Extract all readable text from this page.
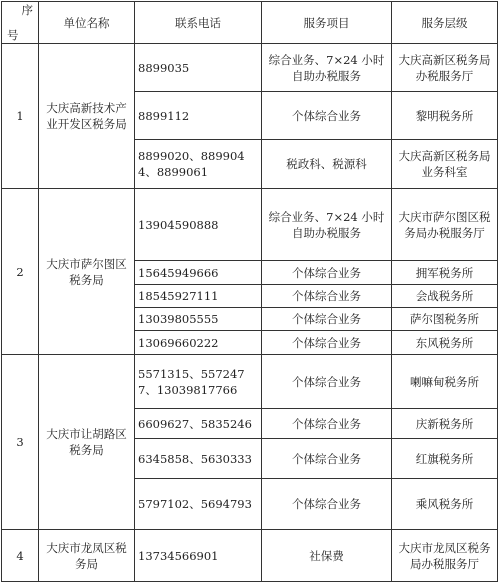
序
号	单位名称	联系电话	服务项目	服务层级
1	大庆高新技术产业开发区税务局	8899035	综合业务、7×24 小时自助办税服务	大庆高新区税务局办税服务厅
		8899112	个体综合业务	黎明税务所
		8899020、8899044、8899061	税政科、税源科	大庆高新区税务局业务科室
2	大庆市萨尔图区税务局	13904590888	综合业务、7×24 小时自助办税服务	大庆市萨尔图区税务局办税服务厅
		15645949666	个体综合业务	拥军税务所
		18545927111	个体综合业务	会战税务所
		13039805555	个体综合业务	萨尔图税务所
		13069660222	个体综合业务	东风税务所
3	大庆市让胡路区税务局	5571315、5572477、13039817766	个体综合业务	喇嘛甸税务所
		6609627、5835246	个体综合业务	庆新税务所
		6345858、5630333	个体综合业务	红旗税务所
		5797102、5694793	个体综合业务	乘风税务所
4	大庆市龙凤区税务局	13734566901	社保费	大庆市龙凤区税务局办税服务厅
